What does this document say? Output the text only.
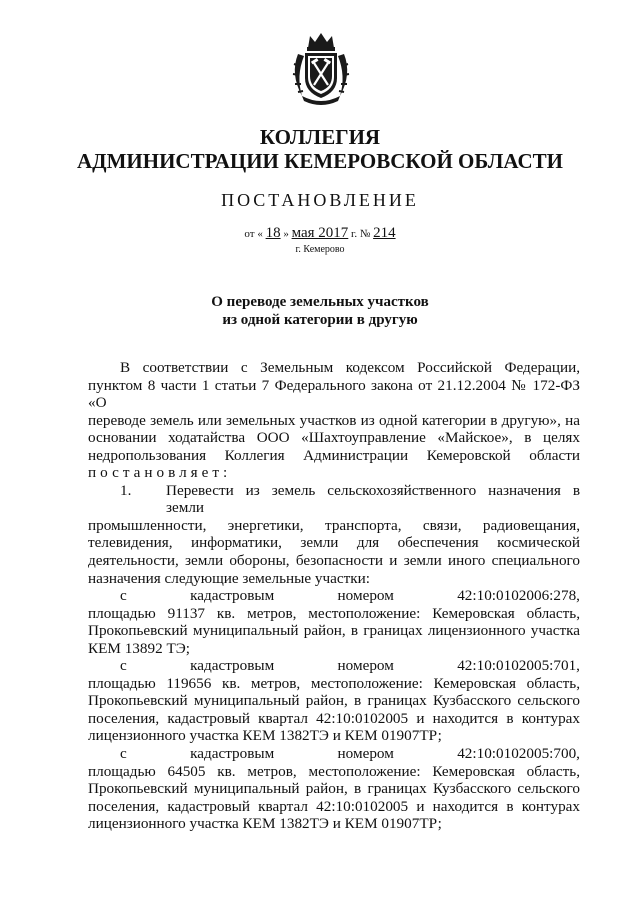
КОЛЛЕГИЯ
АДМИНИСТРАЦИИ КЕМЕРОВСКОЙ ОБЛАСТИ
ПОСТАНОВЛЕНИЕ
от « 18 » мая 2017 г. № 214
г. Кемерово
О переводе земельных участков
из одной категории в другую
В соответствии с Земельным кодексом Российской Федерации,

пунктом 8 части 1 статьи 7 Федерального закона от 21.12.2004 № 172-ФЗ «О

переводе земель или земельных участков из одной категории в другую», на

основании ходатайства ООО «Шахтоуправление «Майское», в целях

недропользования Коллегия Администрации Кемеровской области

постановляет:

1.	Перевести из земель сельскохозяйственного назначения в земли

промышленности, энергетики, транспорта, связи, радиовещания,

телевидения, информатики, земли для обеспечения космической

деятельности, земли обороны, безопасности и земли иного специального

назначения следующие земельные участки:

с	кадастровым	номером	42:10:0102006:278,

площадью 91137 кв. метров, местоположение: Кемеровская область,

Прокопьевский муниципальный район, в границах лицензионного участка

КЕМ 13892 ТЭ;

с	кадастровым	номером	42:10:0102005:701,

площадью 119656 кв. метров, местоположение: Кемеровская область,

Прокопьевский муниципальный район, в границах Кузбасского сельского

поселения, кадастровый квартал 42:10:0102005 и находится в контурах

лицензионного участка КЕМ 1382ТЭ и КЕМ 01907ТР;

с	кадастровым	номером	42:10:0102005:700,

площадью 64505 кв. метров, местоположение: Кемеровская область,

Прокопьевский муниципальный район, в границах Кузбасского сельского

поселения, кадастровый квартал 42:10:0102005 и находится в контурах

лицензионного участка КЕМ 1382ТЭ и КЕМ 01907ТР;
